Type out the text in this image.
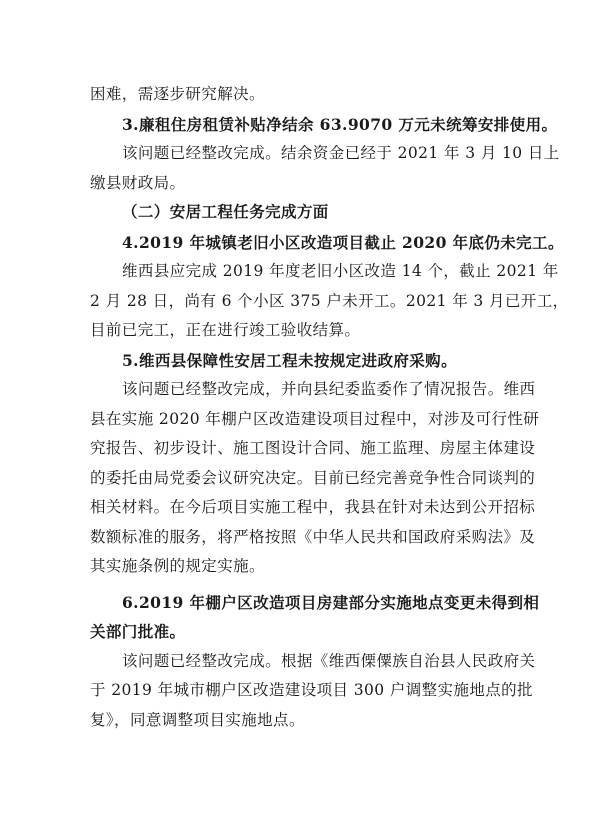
困难，需逐步研究解决。
3.廉租住房租赁补贴净结余 63.9070 万元未统筹安排使用。
该问题已经整改完成。结余资金已经于 2021 年 3 月 10 日上
缴县财政局。
（二）安居工程任务完成方面
4.2019 年城镇老旧小区改造项目截止 2020 年底仍未完工。
维西县应完成 2019 年度老旧小区改造 14 个，截止 2021 年
2 月 28 日，尚有 6 个小区 375 户未开工。2021 年 3 月已开工，
目前已完工，正在进行竣工验收结算。
5.维西县保障性安居工程未按规定进政府采购。
该问题已经整改完成，并向县纪委监委作了情况报告。维西
县在实施 2020 年棚户区改造建设项目过程中，对涉及可行性研
究报告、初步设计、施工图设计合同、施工监理、房屋主体建设
的委托由局党委会议研究决定。目前已经完善竞争性合同谈判的
相关材料。在今后项目实施工程中，我县在针对未达到公开招标
数额标准的服务，将严格按照《中华人民共和国政府采购法》及
其实施条例的规定实施。
6.2019 年棚户区改造项目房建部分实施地点变更未得到相
关部门批准。
该问题已经整改完成。根据《维西傈僳族自治县人民政府关
于 2019 年城市棚户区改造建设项目 300 户调整实施地点的批
复》，同意调整项目实施地点。
